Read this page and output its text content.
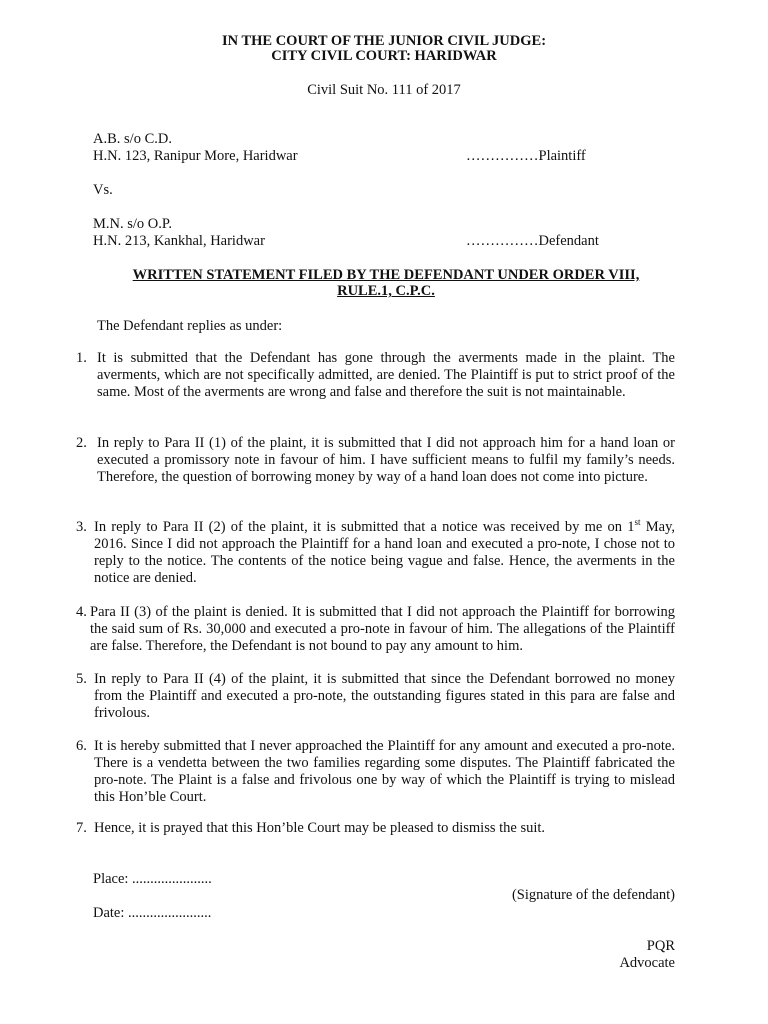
IN THE COURT OF THE JUNIOR CIVIL JUDGE:
CITY CIVIL COURT: HARIDWAR
Civil Suit No. 111 of 2017
A.B. s/o C.D.
H.N. 123, Ranipur More, Haridwar	……………Plaintiff
Vs.
M.N. s/o O.P.
H.N. 213, Kankhal, Haridwar	……………Defendant
WRITTEN STATEMENT FILED BY THE DEFENDANT UNDER ORDER VIII,
RULE.1, C.P.C.
The Defendant replies as under:
1. It is submitted that the Defendant has gone through the averments made in the plaint. The averments, which are not specifically admitted, are denied. The Plaintiff is put to strict proof of the same. Most of the averments are wrong and false and therefore the suit is not maintainable.
2. In reply to Para II (1) of the plaint, it is submitted that I did not approach him for a hand loan or executed a promissory note in favour of him. I have sufficient means to fulfil my family’s needs. Therefore, the question of borrowing money by way of a hand loan does not come into picture.
3. In reply to Para II (2) of the plaint, it is submitted that a notice was received by me on 1st May, 2016. Since I did not approach the Plaintiff for a hand loan and executed a pro-note, I chose not to reply to the notice. The contents of the notice being vague and false. Hence, the averments in the notice are denied.
4. Para II (3) of the plaint is denied. It is submitted that I did not approach the Plaintiff for borrowing the said sum of Rs. 30,000 and executed a pro-note in favour of him. The allegations of the Plaintiff are false. Therefore, the Defendant is not bound to pay any amount to him.
5. In reply to Para II (4) of the plaint, it is submitted that since the Defendant borrowed no money from the Plaintiff and executed a pro-note, the outstanding figures stated in this para are false and frivolous.
6. It is hereby submitted that I never approached the Plaintiff for any amount and executed a pro-note. There is a vendetta between the two families regarding some disputes. The Plaintiff fabricated the pro-note. The Plaint is a false and frivolous one by way of which the Plaintiff is trying to mislead this Hon’ble Court.
7. Hence, it is prayed that this Hon’ble Court may be pleased to dismiss the suit.
Place: ......................
(Signature of the defendant)
Date: .......................
PQR
Advocate
